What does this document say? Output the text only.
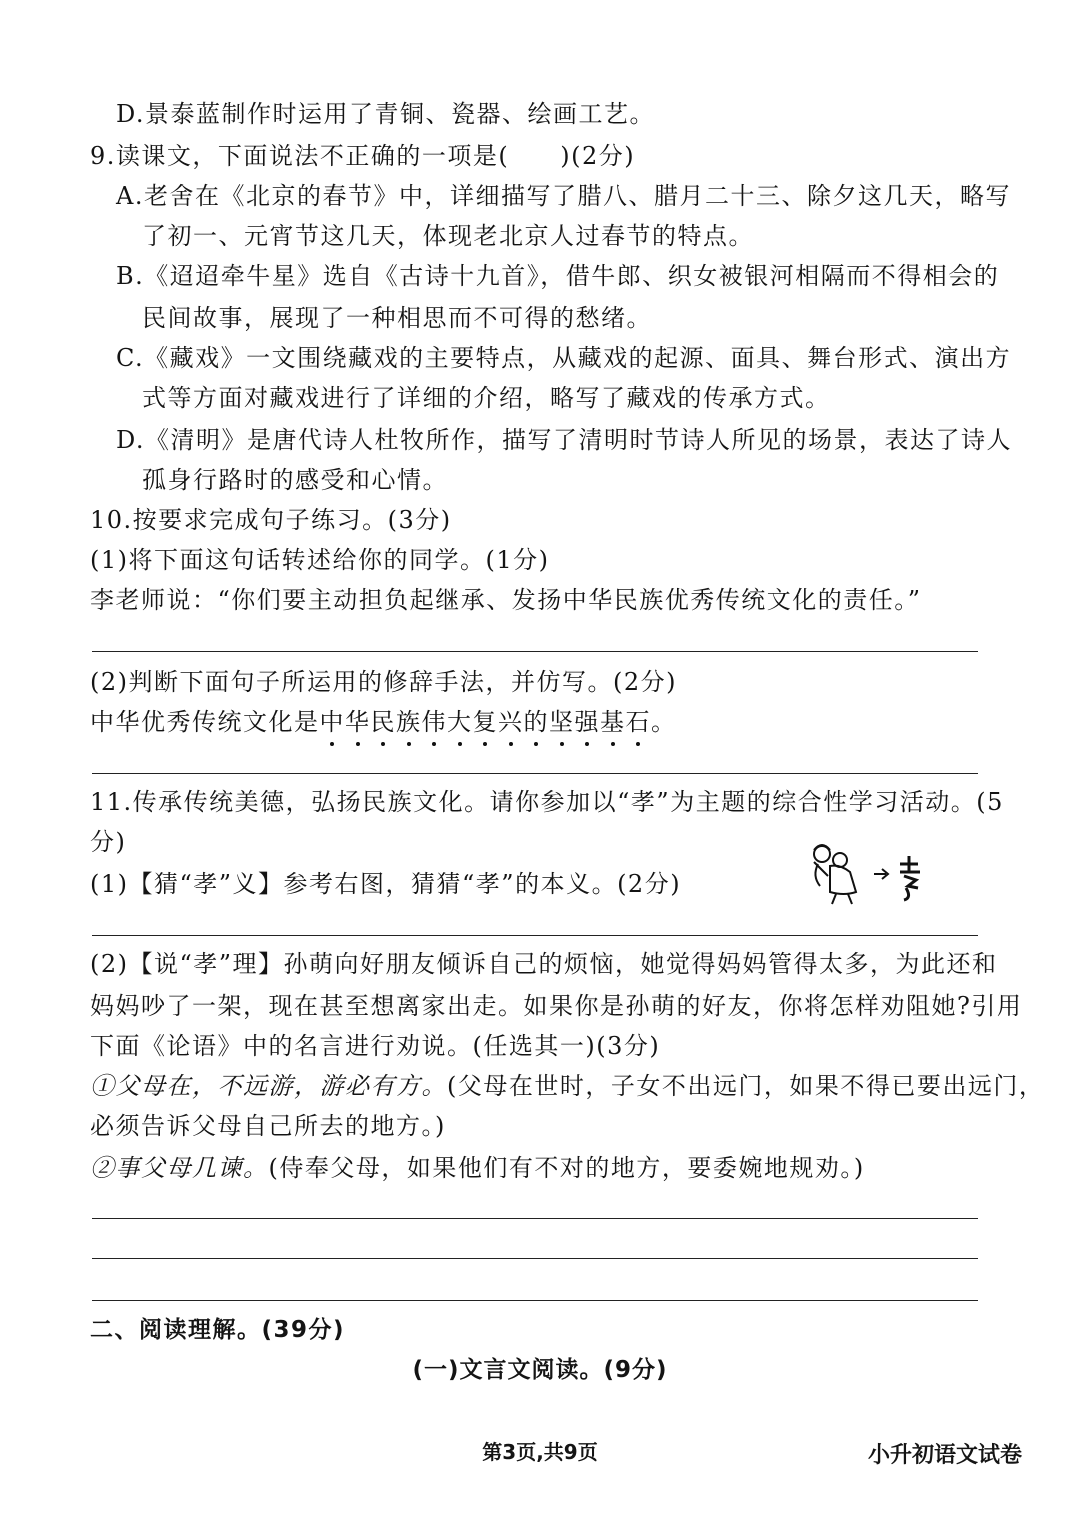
D.景泰蓝制作时运用了青铜、瓷器、绘画工艺。
9.读课文，下面说法不正确的一项是(　　)(2分)
A.老舍在《北京的春节》中，详细描写了腊八、腊月二十三、除夕这几天，略写
了初一、元宵节这几天，体现老北京人过春节的特点。
B.《迢迢牵牛星》选自《古诗十九首》，借牛郎、织女被银河相隔而不得相会的
民间故事，展现了一种相思而不可得的愁绪。
C.《藏戏》一文围绕藏戏的主要特点，从藏戏的起源、面具、舞台形式、演出方
式等方面对藏戏进行了详细的介绍，略写了藏戏的传承方式。
D.《清明》是唐代诗人杜牧所作，描写了清明时节诗人所见的场景，表达了诗人
孤身行路时的感受和心情。
10.按要求完成句子练习。(3分)
(1)将下面这句话转述给你的同学。(1分)
李老师说：“你们要主动担负起继承、发扬中华民族优秀传统文化的责任。”
(2)判断下面句子所运用的修辞手法，并仿写。(2分)
中华优秀传统文化是中华民族伟大复兴的坚强基石。
11.传承传统美德，弘扬民族文化。请你参加以“孝”为主题的综合性学习活动。(5
分)
(1)【猜“孝”义】参考右图，猜猜“孝”的本义。(2分)
(2)【说“孝”理】孙萌向好朋友倾诉自己的烦恼，她觉得妈妈管得太多，为此还和
妈妈吵了一架，现在甚至想离家出走。如果你是孙萌的好友，你将怎样劝阻她?引用
下面《论语》中的名言进行劝说。(任选其一)(3分)
①父母在，不远游，游必有方。(父母在世时，子女不出远门，如果不得已要出远门，
必须告诉父母自己所去的地方。)
②事父母几谏。(侍奉父母，如果他们有不对的地方，要委婉地规劝。)
二、阅读理解。(39分)
(一)文言文阅读。(9分)
第3页,共9页	小升初语文试卷
